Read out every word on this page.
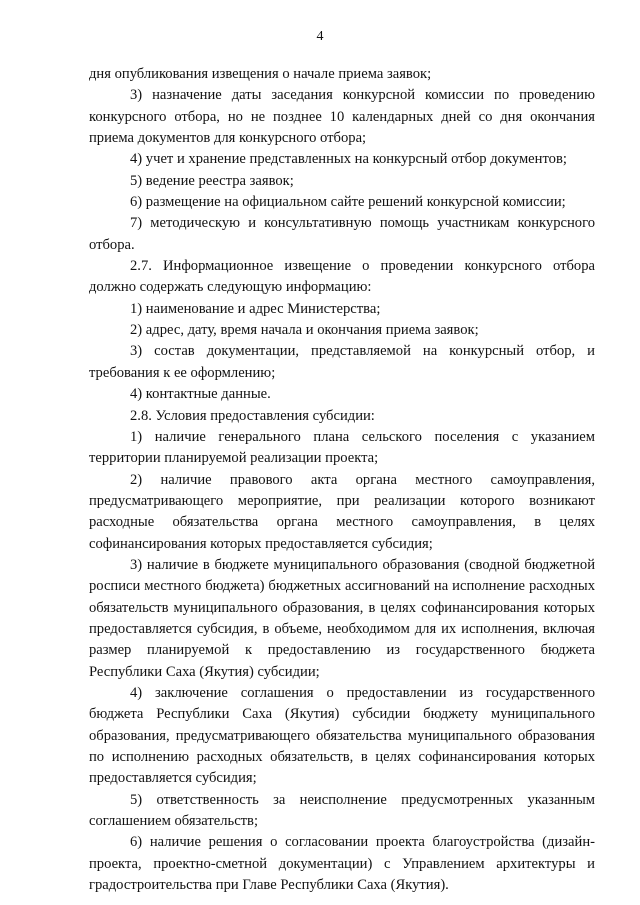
4

дня опубликования извещения о начале приема заявок;

3) назначение даты заседания конкурсной комиссии по проведению конкурсного отбора, но не позднее 10 календарных дней со дня окончания приема документов для конкурсного отбора;

4) учет и хранение представленных на конкурсный отбор документов;

5) ведение реестра заявок;

6) размещение на официальном сайте решений конкурсной комиссии;

7) методическую и консультативную помощь участникам конкурсного отбора.

2.7. Информационное извещение о проведении конкурсного отбора должно содержать следующую информацию:

1) наименование и адрес Министерства;

2) адрес, дату, время начала и окончания приема заявок;

3) состав документации, представляемой на конкурсный отбор, и требования к ее оформлению;

4) контактные данные.

2.8. Условия предоставления субсидии:

1) наличие генерального плана сельского поселения с указанием территории планируемой реализации проекта;

2) наличие правового акта органа местного самоуправления, предусматривающего мероприятие, при реализации которого возникают расходные обязательства органа местного самоуправления, в целях софинансирования которых предоставляется субсидия;

3) наличие в бюджете муниципального образования (сводной бюджетной росписи местного бюджета) бюджетных ассигнований на исполнение расходных обязательств муниципального образования, в целях софинансирования которых предоставляется субсидия, в объеме, необходимом для их исполнения, включая размер планируемой к предоставлению из государственного бюджета Республики Саха (Якутия) субсидии;

4) заключение соглашения о предоставлении из государственного бюджета Республики Саха (Якутия) субсидии бюджету муниципального образования, предусматривающего обязательства муниципального образования по исполнению расходных обязательств, в целях софинансирования которых предоставляется субсидия;

5) ответственность за неисполнение предусмотренных указанным соглашением обязательств;

6) наличие решения о согласовании проекта благоустройства (дизайн-проекта, проектно-сметной документации) с Управлением архитектуры и градостроительства при Главе Республики Саха (Якутия).
